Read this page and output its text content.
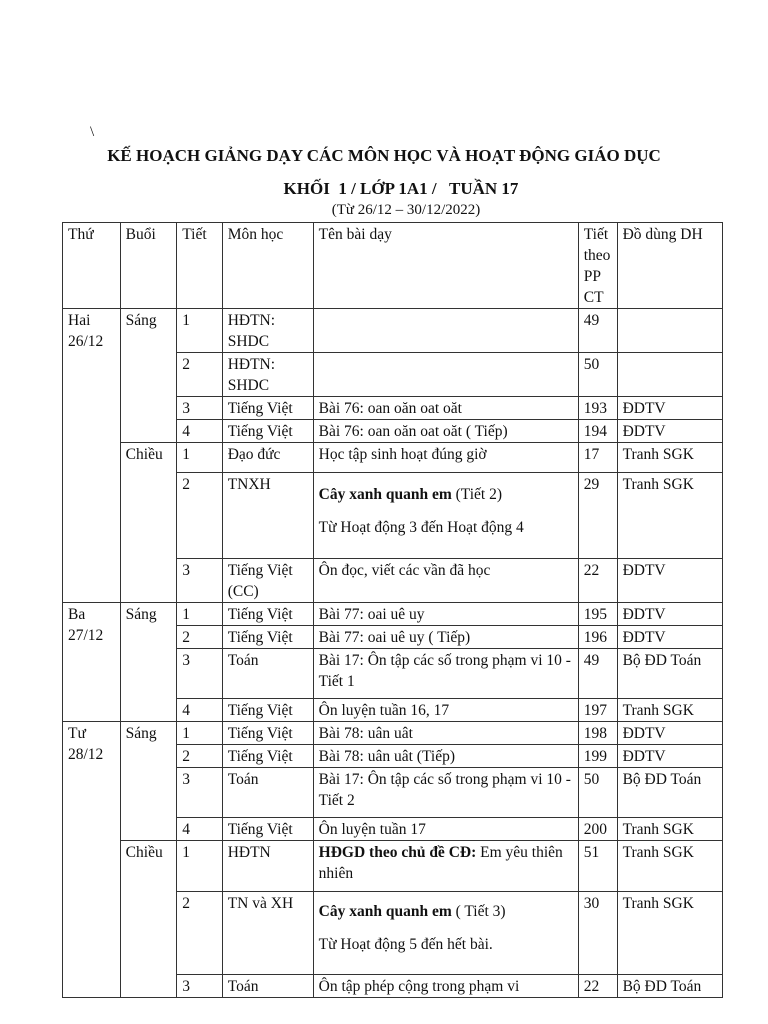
\
KẾ HOẠCH GIẢNG DẠY CÁC MÔN HỌC VÀ HOẠT ĐỘNG GIÁO DỤC
KHỐI  1 / LỚP 1A1 /   TUẦN 17
(Từ 26/12 – 30/12/2022)
Thứ	Buổi	Tiết	Môn học	Tên bài dạy	Tiết theo PP CT	Đồ dùng DH
Hai 26/12	Sáng	1	HĐTN: SHDC		49	
		2	HĐTN: SHDC		50	
		3	Tiếng Việt	Bài 76: oan oăn oat oăt	193	ĐDTV
		4	Tiếng Việt	Bài 76: oan oăn oat oăt ( Tiếp)	194	ĐDTV
	Chiều	1	Đạo đức	Học tập sinh hoạt đúng giờ	17	Tranh SGK
		2	TNXH	Cây xanh quanh em (Tiết 2)
Từ Hoạt động 3 đến Hoạt động 4	29	Tranh SGK
		3	Tiếng Việt (CC)	Ôn đọc, viết các vần đã học	22	ĐDTV
Ba 27/12	Sáng	1	Tiếng Việt	Bài 77: oai uê uy	195	ĐDTV
		2	Tiếng Việt	Bài 77: oai uê uy ( Tiếp)	196	ĐDTV
		3	Toán	Bài 17: Ôn tập các số trong phạm vi 10 - Tiết 1	49	Bộ ĐD Toán
		4	Tiếng Việt	Ôn luyện tuần 16, 17	197	Tranh SGK
Tư 28/12	Sáng	1	Tiếng Việt	Bài 78: uân uât	198	ĐDTV
		2	Tiếng Việt	Bài 78: uân uât (Tiếp)	199	ĐDTV
		3	Toán	Bài 17: Ôn tập các số trong phạm vi 10 - Tiết 2	50	Bộ ĐD Toán
		4	Tiếng Việt	Ôn luyện tuần 17	200	Tranh SGK
	Chiều	1	HĐTN	HĐGD theo chủ đề CĐ: Em yêu thiên nhiên	51	Tranh SGK
		2	TN và XH	Cây xanh quanh em ( Tiết 3)
Từ Hoạt động 5 đến hết bài.	30	Tranh SGK
		3	Toán	Ôn tập phép cộng trong phạm vi	22	Bộ ĐD Toán
